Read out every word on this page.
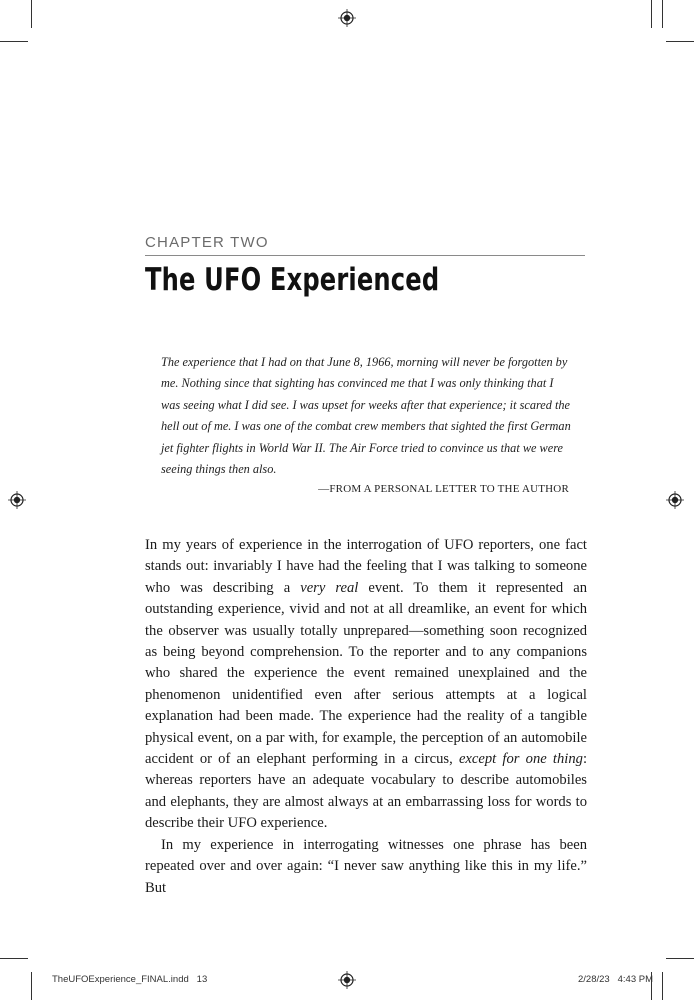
CHAPTER TWO
The UFO Experienced

The experience that I had on that June 8, 1966, morning will never be forgotten by me. Nothing since that sighting has convinced me that I was only thinking that I was seeing what I did see. I was upset for weeks after that experience; it scared the hell out of me. I was one of the combat crew members that sighted the first German jet fighter flights in World War II. The Air Force tried to convince us that we were seeing things then also.

—FROM A PERSONAL LETTER TO THE AUTHOR

In my years of experience in the interrogation of UFO reporters, one fact stands out: invariably I have had the feeling that I was talking to someone who was describing a very real event. To them it represented an outstanding experience, vivid and not at all dreamlike, an event for which the observer was usually totally unprepared—something soon recognized as being beyond comprehension. To the reporter and to any companions who shared the experience the event remained unexplained and the phenomenon unidentified even after serious attempts at a logical explanation had been made. The experience had the reality of a tangible physical event, on a par with, for example, the perception of an automobile accident or of an elephant performing in a circus, except for one thing: whereas reporters have an adequate vocabulary to describe automobiles and elephants, they are almost always at an embarrassing loss for words to describe their UFO experience.

In my experience in interrogating witnesses one phrase has been repeated over and over again: “I never saw anything like this in my life.” But

TheUFOExperience_FINAL.indd   13	2/28/23   4:43 PM
